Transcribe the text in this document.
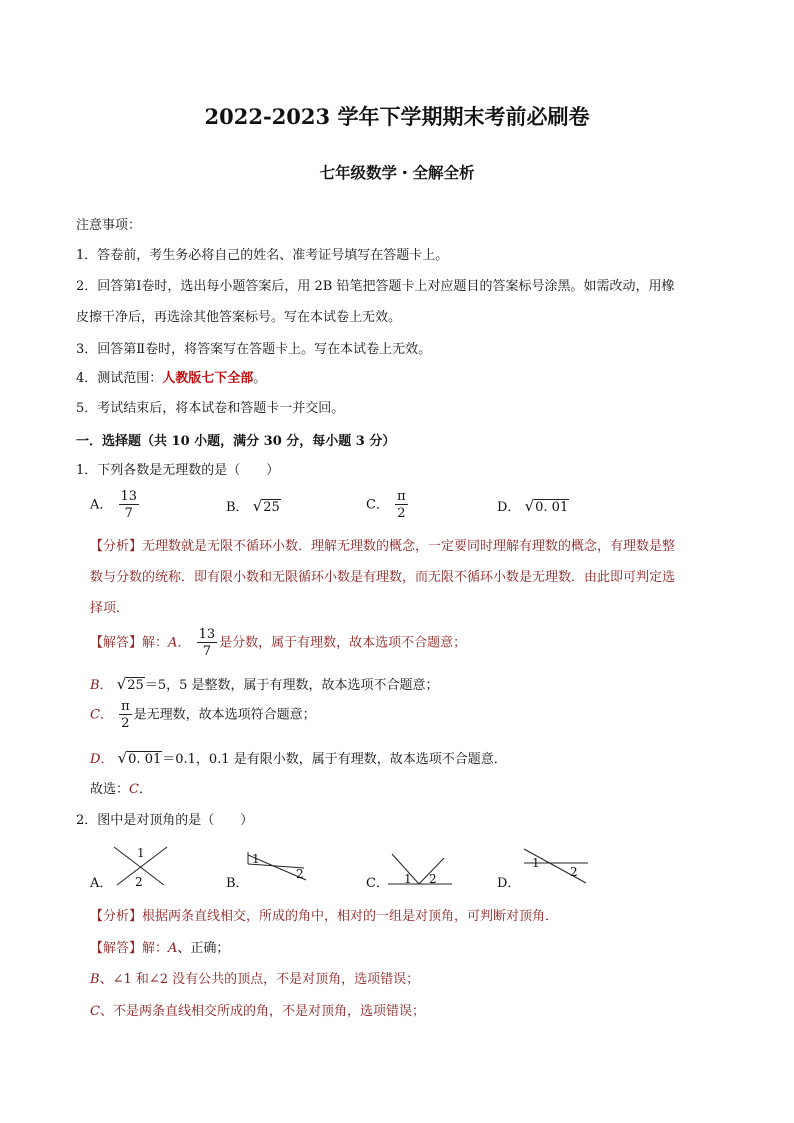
2022-2023 学年下学期期末考前必刷卷
七年级数学・全解全析
注意事项：
1．答卷前，考生务必将自己的姓名、准考证号填写在答题卡上。
2．回答第Ⅰ卷时，选出每小题答案后，用 2B 铅笔把答题卡上对应题目的答案标号涂黑。如需改动，用橡
皮擦干净后，再选涂其他答案标号。写在本试卷上无效。
3．回答第Ⅱ卷时，将答案写在答题卡上。写在本试卷上无效。
4．测试范围：人教版七下全部。
5．考试结束后，将本试卷和答题卡一并交回。
一．选择题（共 10 小题，满分 30 分，每小题 3 分）
1．下列各数是无理数的是（　　）
A． $\frac{13}{7}$	B． √25	C． $\frac{\pi}{2}$	D． √0. 01
【分析】无理数就是无限不循环小数．理解无理数的概念，一定要同时理解有理数的概念，有理数是整
数与分数的统称．即有限小数和无限循环小数是有理数，而无限不循环小数是无理数．由此即可判定选
择项．
【解答】解：A． $\frac{13}{7}$ 是分数，属于有理数，故本选项不合题意；
B． √25＝5，5 是整数，属于有理数，故本选项不合题意；
C． $\frac{\pi}{2}$ 是无理数，故本选项符合题意；
D． √0. 01＝0.1，0.1 是有限小数，属于有理数，故本选项不合题意．
故选：C．
2．图中是对顶角的是（　　）
A．
1
2	B．
1
2
C． 1 2	D．
1
2
【分析】根据两条直线相交，所成的角中，相对的一组是对顶角，可判断对顶角．
【解答】解：A、正确；
B、∠1 和∠2 没有公共的顶点，不是对顶角，选项错误；
C、不是两条直线相交所成的角，不是对顶角，选项错误；
